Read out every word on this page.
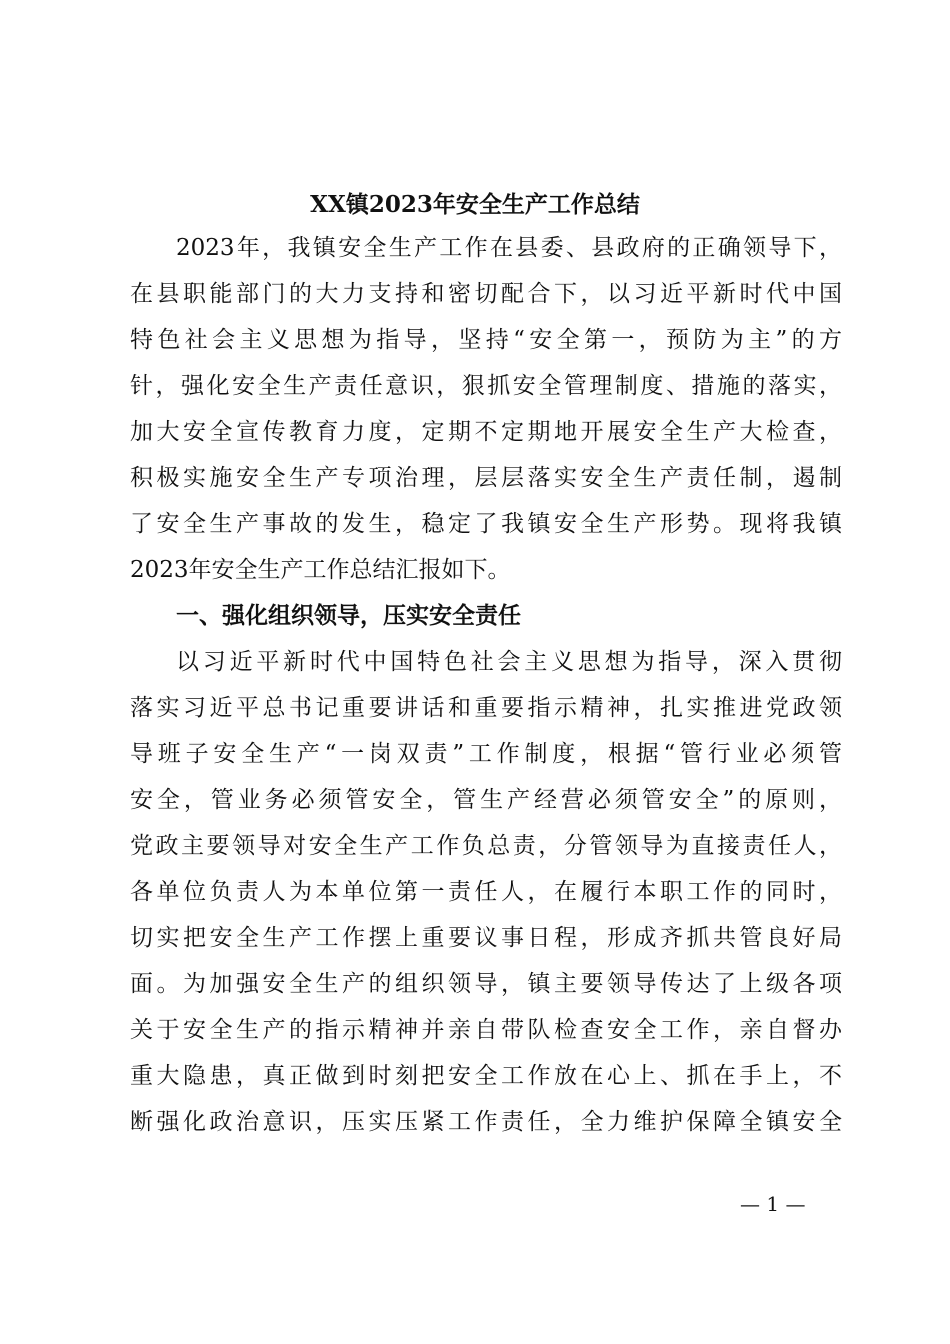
XX镇2023年安全生产工作总结
2023年，我镇安全生产工作在县委、县政府的正确领导下，
在县职能部门的大力支持和密切配合下，以习近平新时代中国
特色社会主义思想为指导，坚持“安全第一，预防为主”的方
针，强化安全生产责任意识，狠抓安全管理制度、措施的落实，
加大安全宣传教育力度，定期不定期地开展安全生产大检查，
积极实施安全生产专项治理，层层落实安全生产责任制，遏制
了安全生产事故的发生，稳定了我镇安全生产形势。现将我镇
2023年安全生产工作总结汇报如下。
一、强化组织领导，压实安全责任
以习近平新时代中国特色社会主义思想为指导，深入贯彻
落实习近平总书记重要讲话和重要指示精神，扎实推进党政领
导班子安全生产“一岗双责”工作制度，根据“管行业必须管
安全，管业务必须管安全，管生产经营必须管安全”的原则，
党政主要领导对安全生产工作负总责，分管领导为直接责任人，
各单位负责人为本单位第一责任人，在履行本职工作的同时，
切实把安全生产工作摆上重要议事日程，形成齐抓共管良好局
面。为加强安全生产的组织领导，镇主要领导传达了上级各项
关于安全生产的指示精神并亲自带队检查安全工作，亲自督办
重大隐患，真正做到时刻把安全工作放在心上、抓在手上，不
断强化政治意识，压实压紧工作责任，全力维护保障全镇安全
— 1 —
